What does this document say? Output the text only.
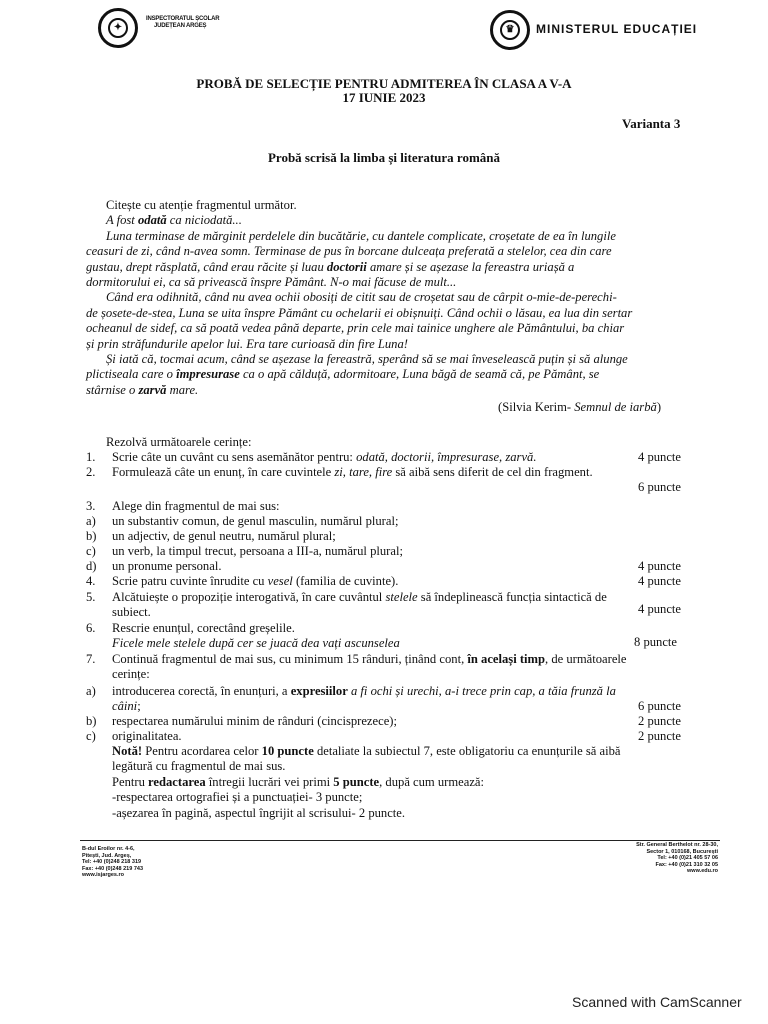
✦
INSPECTORATUL ȘCOLAR
JUDEȚEAN ARGEȘ	♛	MINISTERUL EDUCAȚIEI
PROBĂ DE SELECȚIE PENTRU ADMITEREA ÎN CLASA A V-A
17 IUNIE 2023
Varianta 3
Probă scrisă la limba și literatura română
Citește cu atenție fragmentul următor.
A fost odată ca niciodată...
Luna terminase de mărginit perdelele din bucătărie, cu dantele complicate, croșetate de ea în lungile
ceasuri de zi, când n-avea somn. Terminase de pus în borcane dulceața preferată a stelelor, cea din care
gustau, drept răsplată, când erau răcite și luau doctorii amare și se așezase la fereastra uriașă a
dormitorului ei, ca să privească înspre Pământ. N-o mai făcuse de mult...
Când era odihnită, când nu avea ochii obosiți de citit sau de croșetat sau de cârpit o-mie-de-perechi-
de șosete-de-stea, Luna se uita înspre Pământ cu ochelarii ei obișnuiți. Când ochii o lăsau, ea lua din sertar
ocheanul de sidef, ca să poată vedea până departe, prin cele mai tainice unghere ale Pământului, ba chiar
și prin străfundurile apelor lui. Era tare curioasă din fire Luna!
Și iată că, tocmai acum, când se așezase la fereastră, sperând să se mai înveselească puțin și să alunge
plictiseala care o împresurase ca o apă călduță, adormitoare, Luna băgă de seamă că, pe Pământ, se
stârnise o zarvă mare.
(Silvia Kerim- Semnul de iarbă)
Rezolvă următoarele cerințe:
1. Scrie câte un cuvânt cu sens asemănător pentru: odată, doctorii, împresurase, zarvă.	4 puncte
2. Formulează câte un enunț, în care cuvintele zi, tare, fire să aibă sens diferit de cel din fragment.
6 puncte
3. Alege din fragmentul de mai sus:
a) un substantiv comun, de genul masculin, numărul plural;
b) un adjectiv, de genul neutru, numărul plural;
c) un verb, la timpul trecut, persoana a III-a, numărul plural;
d) un pronume personal.	4 puncte
4. Scrie patru cuvinte înrudite cu vesel (familia de cuvinte).	4 puncte
5. Alcătuiește o propoziție interogativă, în care cuvântul stelele să îndeplinească funcția sintactică de
subiect.	4 puncte
6. Rescrie enunțul, corectând greșelile.
Ficele mele stelele după cer se juacă dea vați ascunselea	8 puncte
7. Continuă fragmentul de mai sus, cu minimum 15 rânduri, ținând cont, în același timp, de următoarele
cerințe:
a) introducerea corectă, în enunțuri, a expresiilor a fi ochi și urechi, a-i trece prin cap, a tăia frunză la
câini;	6 puncte
b) respectarea numărului minim de rânduri (cincisprezece);	2 puncte
c) originalitatea.	2 puncte
Notă! Pentru acordarea celor 10 puncte detaliate la subiectul 7, este obligatoriu ca enunțurile să aibă
legătură cu fragmentul de mai sus.
Pentru redactarea întregii lucrări vei primi 5 puncte, după cum urmează:
-respectarea ortografiei și a punctuației- 3 puncte;
-așezarea în pagină, aspectul îngrijit al scrisului- 2 puncte.
B-dul Eroilor nr. 4-6,
Pitești, Jud. Argeș,
Tel: +40 (0)248 218 319
Fax: +40 (0)248 219 743
www.isjarges.ro
Str. General Berthelot nr. 28-30,
Sector 1, 010168, București
Tel: +40 (0)21 405 57 06
Fax: +40 (0)21 310 32 05
www.edu.ro
Scanned with CamScanner
